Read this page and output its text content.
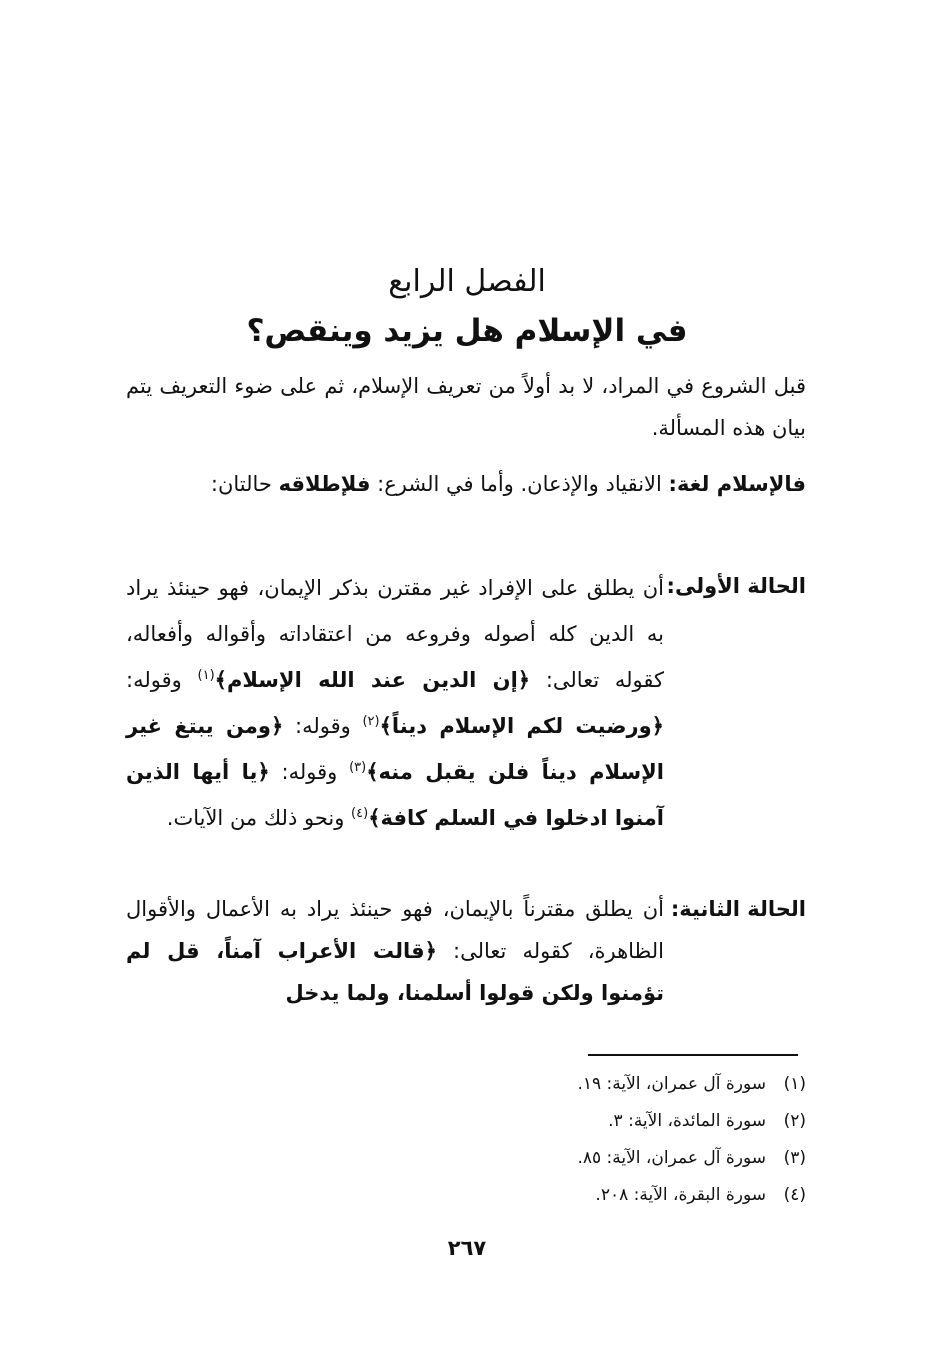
الفصل الرابع
في الإسلام هل يزيد وينقص؟

قبل الشروع في المراد، لا بد أولاً من تعريف الإسلام، ثم على ضوء التعريف يتم بيان هذه المسألة.

فالإسلام لغة: الانقياد والإذعان. وأما في الشرع: فلإطلاقه حالتان:

الحالة الأولى:

أن يطلق على الإفراد غير مقترن بذكر الإيمان، فهو حينئذ يراد به الدين كله أصوله وفروعه من اعتقاداته وأقواله وأفعاله، كقوله تعالى: ﴿إن الدين عند الله الإسلام﴾$^{(١)}$ وقوله: ﴿ورضيت لكم الإسلام ديناً﴾$^{(٢)}$ وقوله: ﴿ومن يبتغ غير الإسلام ديناً فلن يقبل منه﴾$^{(٣)}$ وقوله: ﴿يا أيها الذين آمنوا ادخلوا في السلم كافة﴾$^{(٤)}$ ونحو ذلك من الآيات.

الحالة الثانية:

أن يطلق مقترناً بالإيمان، فهو حينئذ يراد به الأعمال والأقوال الظاهرة، كقوله تعالى: ﴿قالت الأعراب آمناً، قل لم تؤمنوا ولكن قولوا أسلمنا، ولما يدخل

(١)سورة آل عمران، الآية: ١٩.
(٢)سورة المائدة، الآية: ٣.
(٣)سورة آل عمران، الآية: ٨٥.
(٤)سورة البقرة، الآية: ٢٠٨.

٢٦٧
